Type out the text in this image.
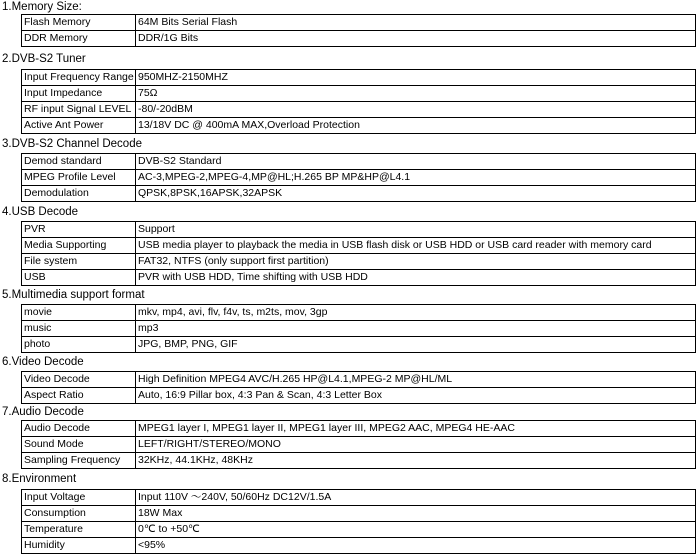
1.Memory Size:
Flash Memory	64M Bits Serial Flash
DDR Memory	DDR/1G Bits
2.DVB-S2 Tuner
Input Frequency Range	950MHZ-2150MHZ
Input Impedance	75Ω
RF input Signal LEVEL	-80/-20dBM
Active Ant Power	13/18V DC @ 400mA MAX,Overload Protection
3.DVB-S2 Channel Decode
Demod standard	DVB-S2 Standard
MPEG Profile Level	AC-3,MPEG-2,MPEG-4,MP@HL;H.265 BP MP&HP@L4.1
Demodulation	QPSK,8PSK,16APSK,32APSK
4.USB Decode
PVR	Support
Media Supporting	USB media player to playback the media in USB flash disk or USB HDD or USB card reader with memory card
File system	FAT32, NTFS (only support first partition)
USB	PVR with USB HDD, Time shifting with USB HDD
5.Multimedia support format
movie	mkv, mp4, avi, flv, f4v, ts, m2ts, mov, 3gp
music	mp3
photo	JPG, BMP, PNG, GIF
6.Video Decode
Video Decode	High Definition MPEG4 AVC/H.265 HP@L4.1,MPEG-2 MP@HL/ML
Aspect Ratio	Auto, 16:9 Pillar box, 4:3 Pan & Scan, 4:3 Letter Box
7.Audio Decode
Audio Decode	MPEG1 layer I, MPEG1 layer II, MPEG1 layer III, MPEG2 AAC, MPEG4 HE-AAC
Sound Mode	LEFT/RIGHT/STEREO/MONO
Sampling Frequency	32KHz, 44.1KHz, 48KHz
8.Environment
Input Voltage	Input 110V ～240V, 50/60Hz DC12V/1.5A
Consumption	18W Max
Temperature	0℃ to +50℃
Humidity	<95%
